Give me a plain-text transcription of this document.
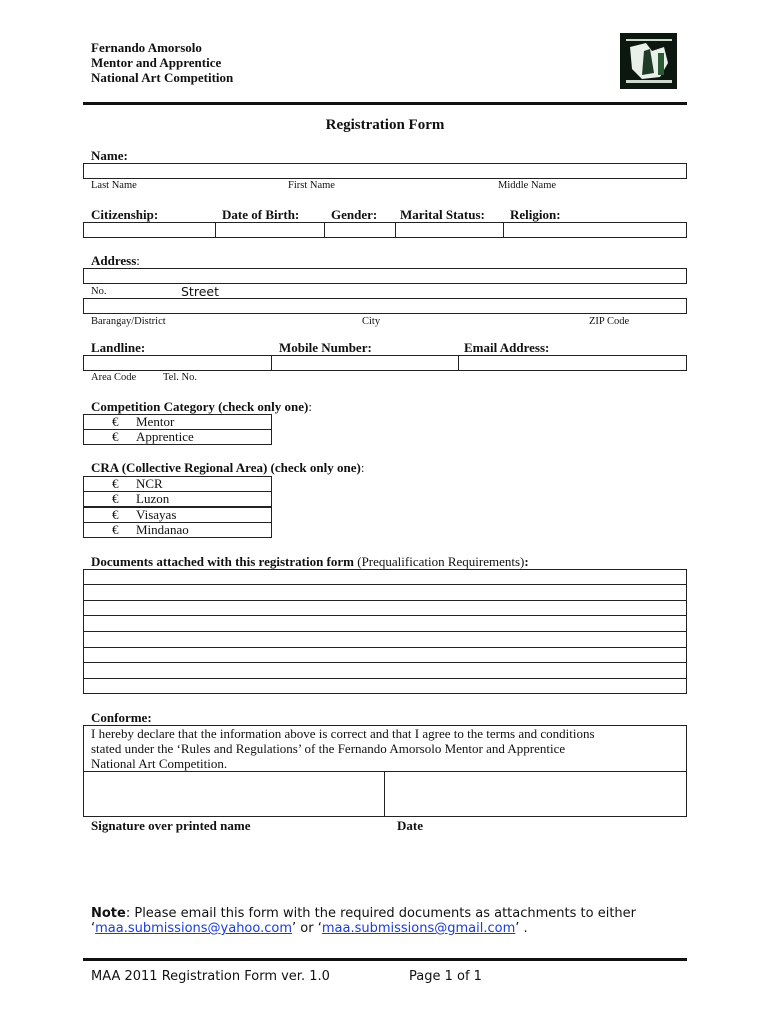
Fernando Amorsolo
Mentor and Apprentice
National Art Competition
Registration Form
Name:
Last Name	First Name	Middle Name
Citizenship:	Date of Birth: Gender: Marital Status: Religion:
Address:
No.	Street
Barangay/District	City	ZIP Code
Landline:	Mobile Number:	Email Address:
Area Code	Tel. No.
Competition Category (check only one):
€ Mentor
€ Apprentice
CRA (Collective Regional Area) (check only one):
€ NCR
€ Luzon
€ Visayas
€ Mindanao
Documents attached with this registration form (Prequalification Requirements):
Conforme:
I hereby declare that the information above is correct and that I agree to the terms and conditions
stated under the ‘Rules and Regulations’ of the Fernando Amorsolo Mentor and Apprentice
National Art Competition.
Signature over printed name	Date
Note: Please email this form with the required documents as attachments to either
‘maa.submissions@yahoo.com’ or ‘maa.submissions@gmail.com’ .
MAA 2011 Registration Form ver. 1.0	Page 1 of 1
